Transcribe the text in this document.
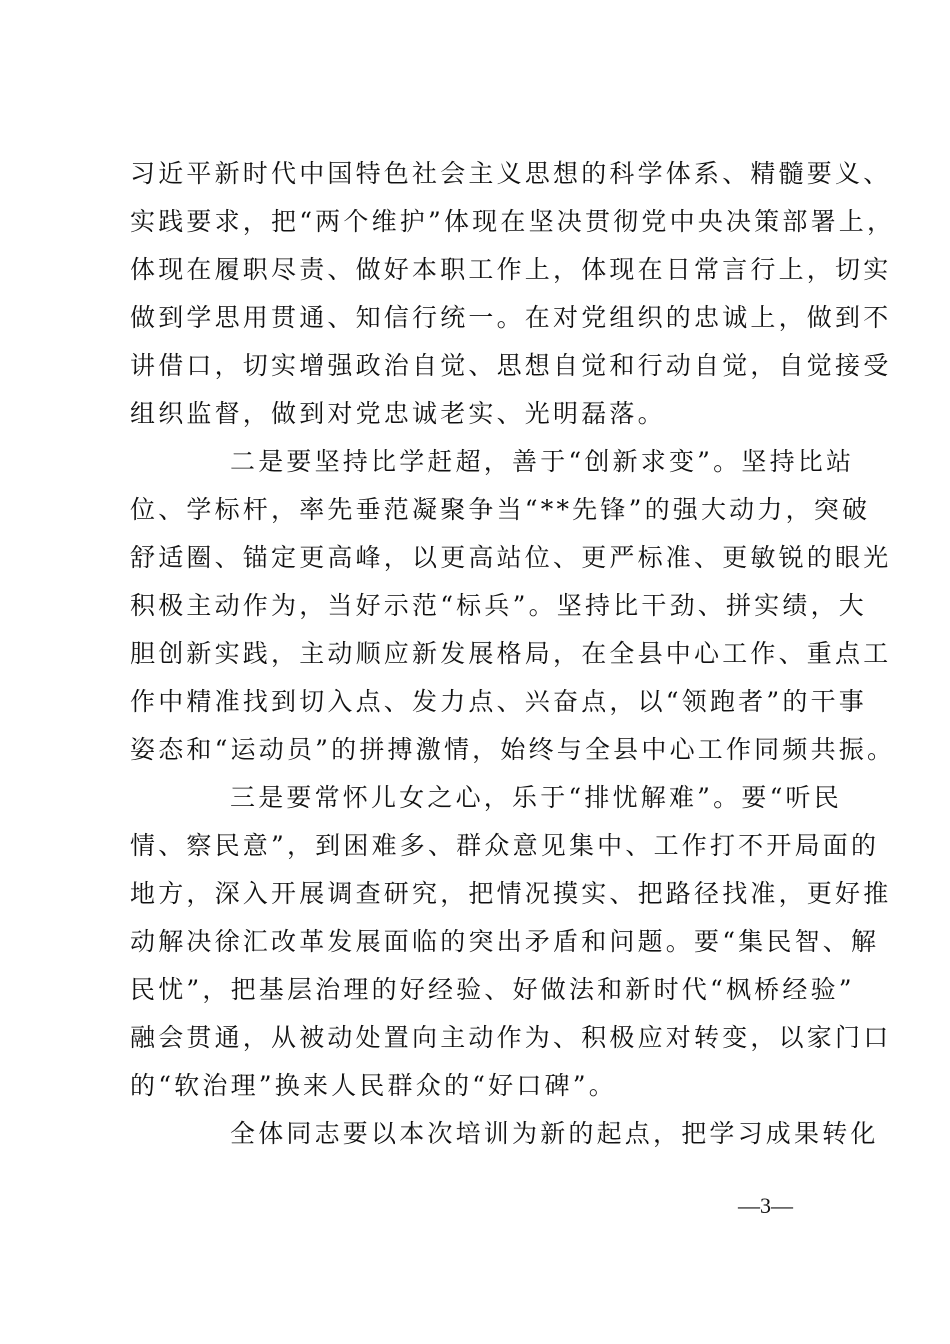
习近平新时代中国特色社会主义思想的科学体系、精髓要义、
实践要求，把“两个维护”体现在坚决贯彻党中央决策部署上，
体现在履职尽责、做好本职工作上，体现在日常言行上，切实
做到学思用贯通、知信行统一。在对党组织的忠诚上，做到不
讲借口，切实增强政治自觉、思想自觉和行动自觉，自觉接受
组织监督，做到对党忠诚老实、光明磊落。
二是要坚持比学赶超，善于“创新求变”。坚持比站
位、学标杆，率先垂范凝聚争当“**先锋”的强大动力，突破
舒适圈、锚定更高峰，以更高站位、更严标准、更敏锐的眼光
积极主动作为，当好示范“标兵”。坚持比干劲、拼实绩，大
胆创新实践，主动顺应新发展格局，在全县中心工作、重点工
作中精准找到切入点、发力点、兴奋点，以“领跑者”的干事
姿态和“运动员”的拼搏激情，始终与全县中心工作同频共振。
三是要常怀儿女之心，乐于“排忧解难”。要“听民
情、察民意”，到困难多、群众意见集中、工作打不开局面的
地方，深入开展调查研究，把情况摸实、把路径找准，更好推
动解决徐汇改革发展面临的突出矛盾和问题。要“集民智、解
民忧”，把基层治理的好经验、好做法和新时代“枫桥经验”
融会贯通，从被动处置向主动作为、积极应对转变，以家门口
的“软治理”换来人民群众的“好口碑”。
全体同志要以本次培训为新的起点，把学习成果转化
—3—
